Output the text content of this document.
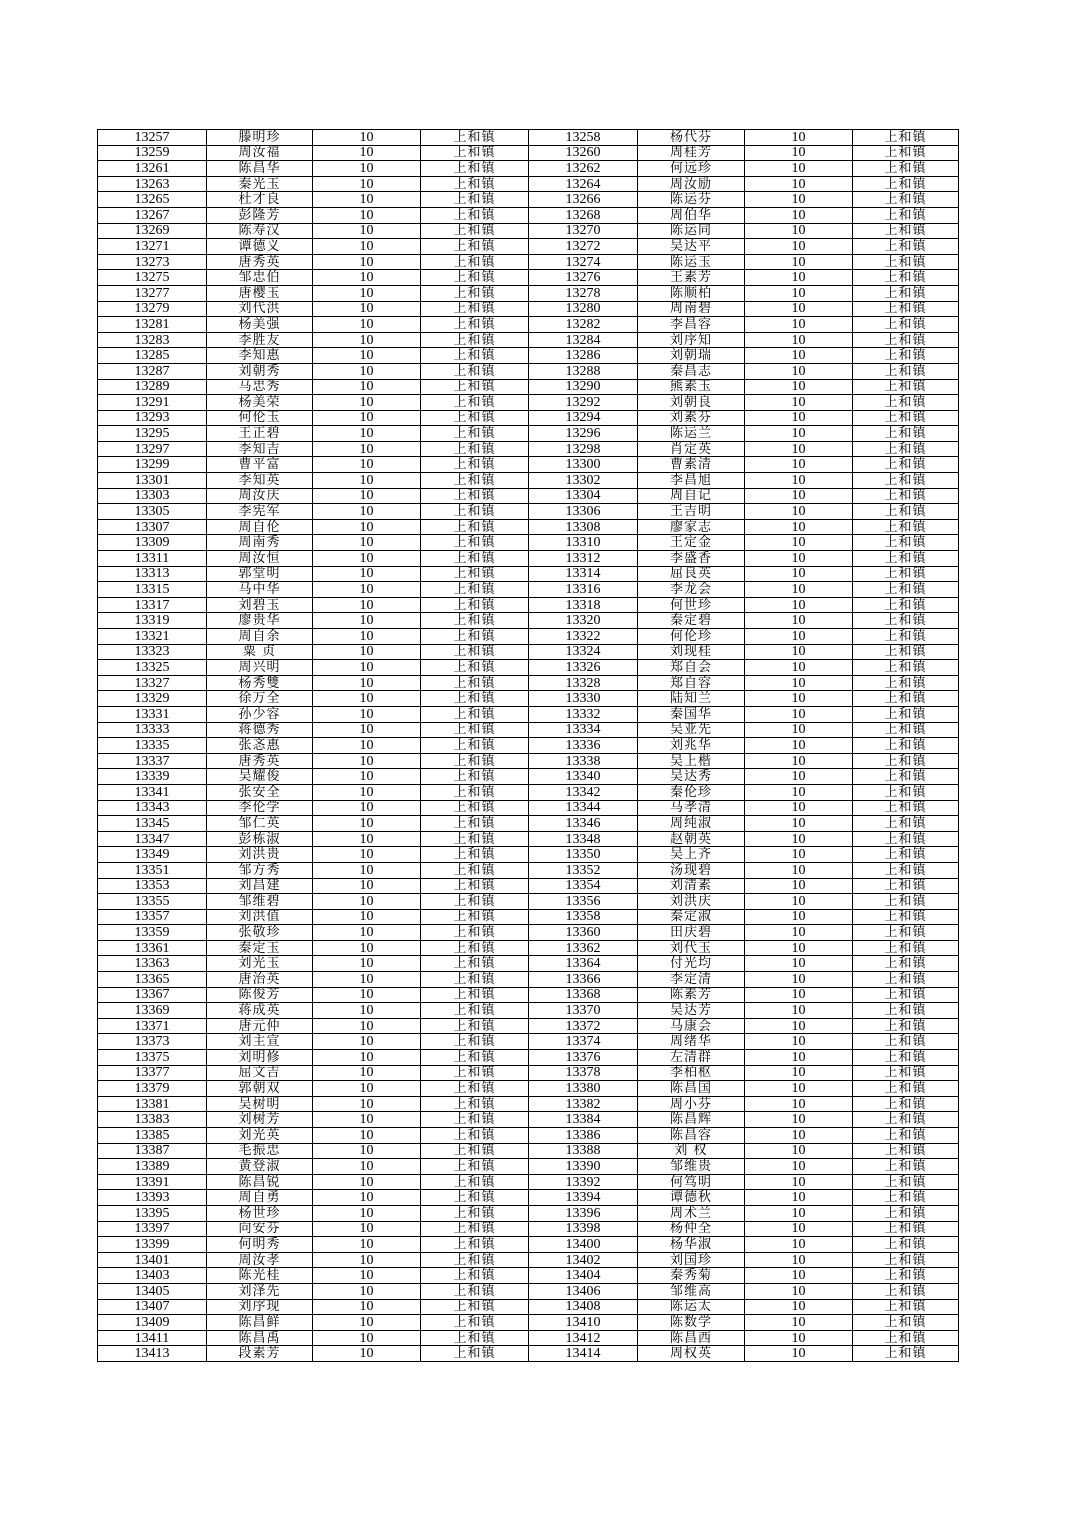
13257	滕明珍	10	上和镇	13258	杨代芬	10	上和镇
13259	周汝福	10	上和镇	13260	周桂芳	10	上和镇
13261	陈昌华	10	上和镇	13262	何远珍	10	上和镇
13263	秦光玉	10	上和镇	13264	周汝励	10	上和镇
13265	杜才良	10	上和镇	13266	陈运芬	10	上和镇
13267	彭隆芳	10	上和镇	13268	周伯华	10	上和镇
13269	陈寿汉	10	上和镇	13270	陈运同	10	上和镇
13271	谭德义	10	上和镇	13272	吴达平	10	上和镇
13273	唐秀英	10	上和镇	13274	陈运玉	10	上和镇
13275	邹忠伯	10	上和镇	13276	王素芳	10	上和镇
13277	唐樱玉	10	上和镇	13278	陈顺柏	10	上和镇
13279	刘代洪	10	上和镇	13280	周南碧	10	上和镇
13281	杨美强	10	上和镇	13282	李昌容	10	上和镇
13283	李胜友	10	上和镇	13284	刘序知	10	上和镇
13285	李知惠	10	上和镇	13286	刘朝瑞	10	上和镇
13287	刘朝秀	10	上和镇	13288	秦昌志	10	上和镇
13289	马忠秀	10	上和镇	13290	熊素玉	10	上和镇
13291	杨美荣	10	上和镇	13292	刘朝良	10	上和镇
13293	何伦玉	10	上和镇	13294	刘素芬	10	上和镇
13295	王正碧	10	上和镇	13296	陈运兰	10	上和镇
13297	李知吉	10	上和镇	13298	肖定英	10	上和镇
13299	曹平富	10	上和镇	13300	曹素清	10	上和镇
13301	李知英	10	上和镇	13302	李昌旭	10	上和镇
13303	周汝庆	10	上和镇	13304	周自记	10	上和镇
13305	李宪军	10	上和镇	13306	王吉明	10	上和镇
13307	周自伦	10	上和镇	13308	廖家志	10	上和镇
13309	周南秀	10	上和镇	13310	王定金	10	上和镇
13311	周汝恒	10	上和镇	13312	李盛香	10	上和镇
13313	郭堂明	10	上和镇	13314	屈良英	10	上和镇
13315	马中华	10	上和镇	13316	李龙会	10	上和镇
13317	刘碧玉	10	上和镇	13318	何世珍	10	上和镇
13319	廖贵华	10	上和镇	13320	秦定碧	10	上和镇
13321	周自余	10	上和镇	13322	何伦珍	10	上和镇
13323	粟 贞	10	上和镇	13324	刘现桂	10	上和镇
13325	周兴明	10	上和镇	13326	郑自会	10	上和镇
13327	杨秀雙	10	上和镇	13328	郑自容	10	上和镇
13329	徐万全	10	上和镇	13330	陆知兰	10	上和镇
13331	孙少容	10	上和镇	13332	秦国华	10	上和镇
13333	蒋德秀	10	上和镇	13334	吴亚先	10	上和镇
13335	张忞惠	10	上和镇	13336	刘兆华	10	上和镇
13337	唐秀英	10	上和镇	13338	吴上楷	10	上和镇
13339	吴耀俊	10	上和镇	13340	吴达秀	10	上和镇
13341	张安全	10	上和镇	13342	秦伦珍	10	上和镇
13343	李伦学	10	上和镇	13344	马孝清	10	上和镇
13345	邹仁英	10	上和镇	13346	周纯淑	10	上和镇
13347	彭栋淑	10	上和镇	13348	赵朝英	10	上和镇
13349	刘洪贵	10	上和镇	13350	吴上齐	10	上和镇
13351	邹方秀	10	上和镇	13352	汤现碧	10	上和镇
13353	刘昌建	10	上和镇	13354	刘清素	10	上和镇
13355	邹维碧	10	上和镇	13356	刘洪庆	10	上和镇
13357	刘洪值	10	上和镇	13358	秦定淑	10	上和镇
13359	张敬珍	10	上和镇	13360	田庆碧	10	上和镇
13361	秦定玉	10	上和镇	13362	刘代玉	10	上和镇
13363	刘光玉	10	上和镇	13364	付光均	10	上和镇
13365	唐治英	10	上和镇	13366	李定清	10	上和镇
13367	陈俊芳	10	上和镇	13368	陈素芳	10	上和镇
13369	蒋成英	10	上和镇	13370	吴达芳	10	上和镇
13371	唐元仲	10	上和镇	13372	马康会	10	上和镇
13373	刘主宣	10	上和镇	13374	周绪华	10	上和镇
13375	刘明修	10	上和镇	13376	左清群	10	上和镇
13377	屈文吉	10	上和镇	13378	李柏枢	10	上和镇
13379	郭朝双	10	上和镇	13380	陈昌国	10	上和镇
13381	吴树明	10	上和镇	13382	周小芬	10	上和镇
13383	刘树芳	10	上和镇	13384	陈昌辉	10	上和镇
13385	刘光英	10	上和镇	13386	陈昌容	10	上和镇
13387	毛振忠	10	上和镇	13388	刘 权	10	上和镇
13389	黄登淑	10	上和镇	13390	邹维贵	10	上和镇
13391	陈昌锐	10	上和镇	13392	何笃明	10	上和镇
13393	周自勇	10	上和镇	13394	谭德秋	10	上和镇
13395	杨世珍	10	上和镇	13396	周术兰	10	上和镇
13397	向安芬	10	上和镇	13398	杨仲全	10	上和镇
13399	何明秀	10	上和镇	13400	杨华淑	10	上和镇
13401	周汝孝	10	上和镇	13402	刘国珍	10	上和镇
13403	陈光桂	10	上和镇	13404	秦秀菊	10	上和镇
13405	刘泽先	10	上和镇	13406	邹维高	10	上和镇
13407	刘序现	10	上和镇	13408	陈运太	10	上和镇
13409	陈昌鲜	10	上和镇	13410	陈数学	10	上和镇
13411	陈昌禹	10	上和镇	13412	陈昌西	10	上和镇
13413	段素芳	10	上和镇	13414	周权英	10	上和镇
